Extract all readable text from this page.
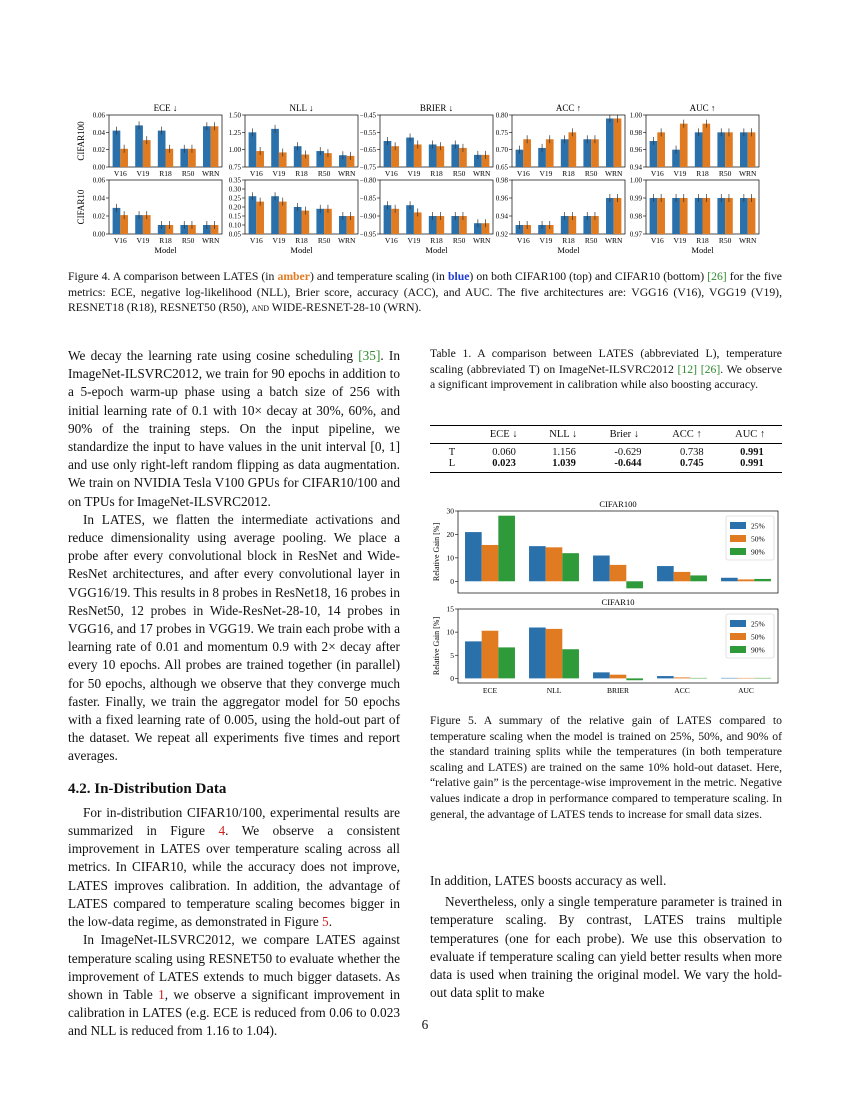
0.00
0.02
0.04
0.06
V16 V19 R18 R50 WRN
ECE ↓
CIFAR100
0.75
1.00
1.25
1.50
V16 V19 R18 R50 WRN
NLL ↓
−0.75
−0.65
−0.55
−0.45
V16 V19 R18 R50 WRN
BRIER ↓
0.65
0.70
0.75
0.80
V16 V19 R18 R50 WRN
ACC ↑
0.94
0.96
0.98
1.00
V16 V19 R18 R50 WRN
AUC ↑
0.00
0.02
0.04
0.06
V16 V19 R18 R50 WRN
CIFAR10
Model
0.05
0.10
0.15
0.20
0.25
0.30
0.35
V16 V19 R18 R50 WRN
Model
−0.95
−0.90
−0.85
−0.80
V16 V19 R18 R50 WRN
Model
0.92
0.94
0.96
0.98
V16 V19 R18 R50 WRN
Model
0.97
0.98
0.99
1.00
V16 V19 R18 R50 WRN
Model
Figure 4. A comparison between LATES (in amber) and temperature scaling (in blue) on both CIFAR100 (top) and CIFAR10 (bottom) [26] for the five metrics: ECE, negative log-likelihood (NLL), Brier score, accuracy (ACC), and AUC. The five architectures are: VGG16 (V16), VGG19 (V19), RESNET18 (R18), RESNET50 (R50), and WIDE-RESNET-28-10 (WRN).

We decay the learning rate using cosine scheduling [35]. In ImageNet-ILSVRC2012, we train for 90 epochs in addition to a 5-epoch warm-up phase using a batch size of 256 with initial learning rate of 0.1 with 10× decay at 30%, 60%, and 90% of the training steps. On the input pipeline, we standardize the input to have values in the unit interval [0, 1] and use only right-left random flipping as data augmentation. We train on NVIDIA Tesla V100 GPUs for CIFAR10/100 and on TPUs for ImageNet-ILSVRC2012.

In LATES, we flatten the intermediate activations and reduce dimensionality using average pooling. We place a probe after every convolutional block in ResNet and Wide-ResNet architectures, and after every convolutional layer in VGG16/19. This results in 8 probes in ResNet18, 16 probes in ResNet50, 12 probes in Wide-ResNet-28-10, 14 probes in VGG16, and 17 probes in VGG19. We train each probe with a learning rate of 0.01 and momentum 0.9 with 2× decay after every 10 epochs. All probes are trained together (in parallel) for 50 epochs, although we observe that they converge much faster. Finally, we train the aggregator model for 50 epochs with a fixed learning rate of 0.005, using the hold-out part of the dataset. We repeat all experiments five times and report averages.

4.2. In-Distribution Data

For in-distribution CIFAR10/100, experimental results are summarized in Figure 4. We observe a consistent improvement in LATES over temperature scaling across all metrics. In CIFAR10, while the accuracy does not improve, LATES improves calibration. In addition, the advantage of LATES compared to temperature scaling becomes bigger in the low-data regime, as demonstrated in Figure 5.

In ImageNet-ILSVRC2012, we compare LATES against temperature scaling using RESNET50 to evaluate whether the improvement of LATES extends to much bigger datasets. As shown in Table 1, we observe a significant improvement in calibration in LATES (e.g. ECE is reduced from 0.06 to 0.023 and NLL is reduced from 1.16 to 1.04).

Table 1. A comparison between LATES (abbreviated L), temperature scaling (abbreviated T) on ImageNet-ILSVRC2012 [12] [26]. We observe a significant improvement in calibration while also boosting accuracy.
	ECE ↓	NLL ↓	Brier ↓	ACC ↑	AUC ↑
T	0.060	1.156	-0.629	0.738	0.991
L	0.023	1.039	-0.644	0.745	0.991
0
10
20
30
CIFAR100
Relative Gain [%]	25%
50%
90%
0
5
10
15
ECE	NLL	BRIER	ACC	AUC
CIFAR10
Relative Gain [%]	25%
50%
90%
Figure 5. A summary of the relative gain of LATES compared to temperature scaling when the model is trained on 25%, 50%, and 90% of the standard training splits while the temperatures (in both temperature scaling and LATES) are trained on the same 10% hold-out dataset. Here, “relative gain” is the percentage-wise improvement in the metric. Negative values indicate a drop in performance compared to temperature scaling. In general, the advantage of LATES tends to increase for small data sizes.

In addition, LATES boosts accuracy as well.

Nevertheless, only a single temperature parameter is trained in temperature scaling. By contrast, LATES trains multiple temperatures (one for each probe). We use this observation to evaluate if temperature scaling can yield better results when more data is used when training the original model. We vary the hold-out data split to make

6
